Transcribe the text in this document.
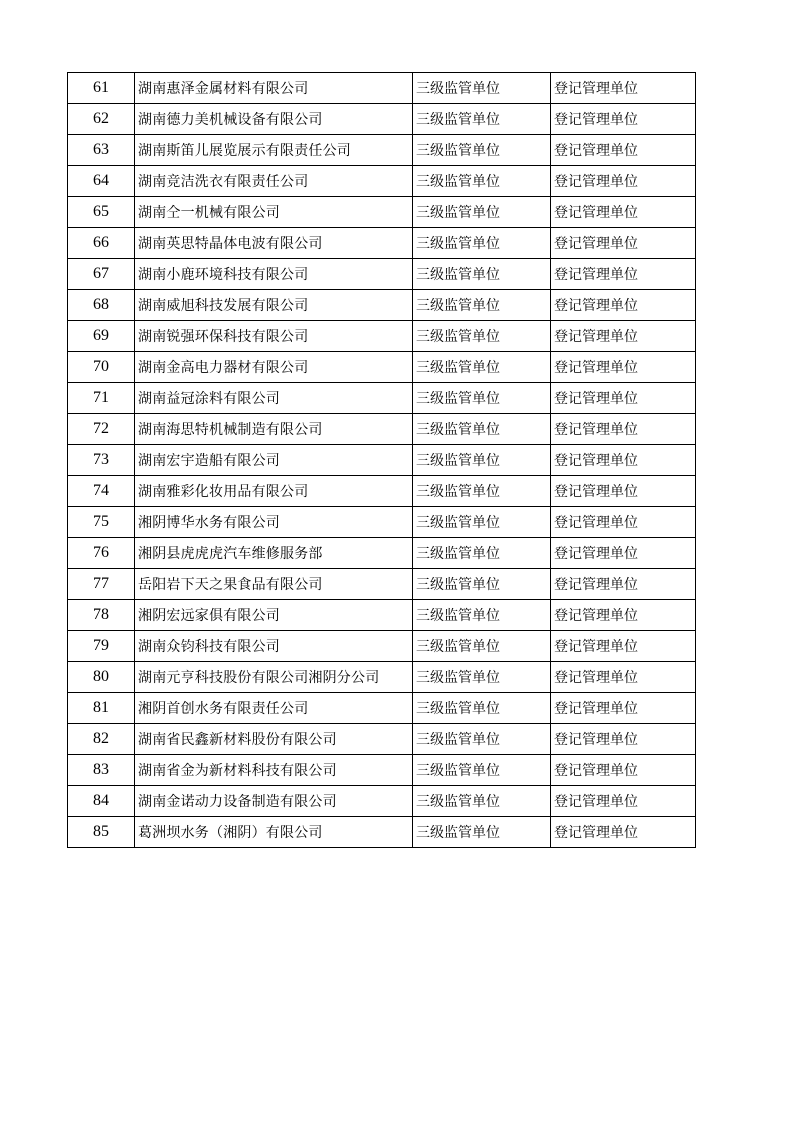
61	湖南惠泽金属材料有限公司	三级监管单位	登记管理单位
62	湖南德力美机械设备有限公司	三级监管单位	登记管理单位
63	湖南斯笛儿展览展示有限责任公司	三级监管单位	登记管理单位
64	湖南竞洁洗衣有限责任公司	三级监管单位	登记管理单位
65	湖南仝一机械有限公司	三级监管单位	登记管理单位
66	湖南英思特晶体电波有限公司	三级监管单位	登记管理单位
67	湖南小鹿环境科技有限公司	三级监管单位	登记管理单位
68	湖南威旭科技发展有限公司	三级监管单位	登记管理单位
69	湖南锐强环保科技有限公司	三级监管单位	登记管理单位
70	湖南金高电力器材有限公司	三级监管单位	登记管理单位
71	湖南益冠涂料有限公司	三级监管单位	登记管理单位
72	湖南海思特机械制造有限公司	三级监管单位	登记管理单位
73	湖南宏宇造船有限公司	三级监管单位	登记管理单位
74	湖南雅彩化妆用品有限公司	三级监管单位	登记管理单位
75	湘阴博华水务有限公司	三级监管单位	登记管理单位
76	湘阴县虎虎虎汽车维修服务部	三级监管单位	登记管理单位
77	岳阳岩下天之果食品有限公司	三级监管单位	登记管理单位
78	湘阴宏远家俱有限公司	三级监管单位	登记管理单位
79	湖南众钧科技有限公司	三级监管单位	登记管理单位
80	湖南元亨科技股份有限公司湘阴分公司	三级监管单位	登记管理单位
81	湘阴首创水务有限责任公司	三级监管单位	登记管理单位
82	湖南省民鑫新材料股份有限公司	三级监管单位	登记管理单位
83	湖南省金为新材料科技有限公司	三级监管单位	登记管理单位
84	湖南金诺动力设备制造有限公司	三级监管单位	登记管理单位
85	葛洲坝水务（湘阴）有限公司	三级监管单位	登记管理单位
